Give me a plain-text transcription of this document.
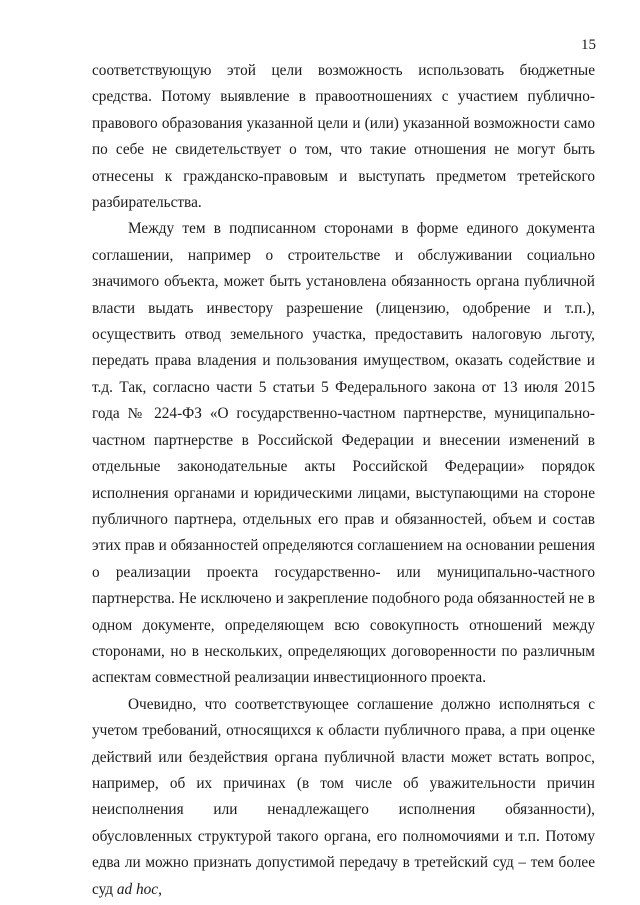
15

соответствующую этой цели возможность использовать бюджетные средства. Потому выявление в правоотношениях с участием публично-правового образования указанной цели и (или) указанной возможности само по себе не свидетельствует о том, что такие отношения не могут быть отнесены к гражданско-правовым и выступать предметом третейского разбирательства.

Между тем в подписанном сторонами в форме единого документа соглашении, например о строительстве и обслуживании социально значимого объекта, может быть установлена обязанность органа публичной власти выдать инвестору разрешение (лицензию, одобрение и т.п.), осуществить отвод земельного участка, предоставить налоговую льготу, передать права владения и пользования имуществом, оказать содействие и т.д. Так, согласно части 5 статьи 5 Федерального закона от 13 июля 2015 года № 224-ФЗ «О государственно-частном партнерстве, муниципально-частном партнерстве в Российской Федерации и внесении изменений в отдельные законодательные акты Российской Федерации» порядок исполнения органами и юридическими лицами, выступающими на стороне публичного партнера, отдельных его прав и обязанностей, объем и состав этих прав и обязанностей определяются соглашением на основании решения о реализации проекта государственно- или муниципально-частного партнерства. Не исключено и закрепление подобного рода обязанностей не в одном документе, определяющем всю совокупность отношений между сторонами, но в нескольких, определяющих договоренности по различным аспектам совместной реализации инвестиционного проекта.

Очевидно, что соответствующее соглашение должно исполняться с учетом требований, относящихся к области публичного права, а при оценке действий или бездействия органа публичной власти может встать вопрос, например, об их причинах (в том числе об уважительности причин неисполнения или ненадлежащего исполнения обязанности), обусловленных структурой такого органа, его полномочиями и т.п. Потому едва ли можно признать допустимой передачу в третейский суд – тем более суд ad hoc,
